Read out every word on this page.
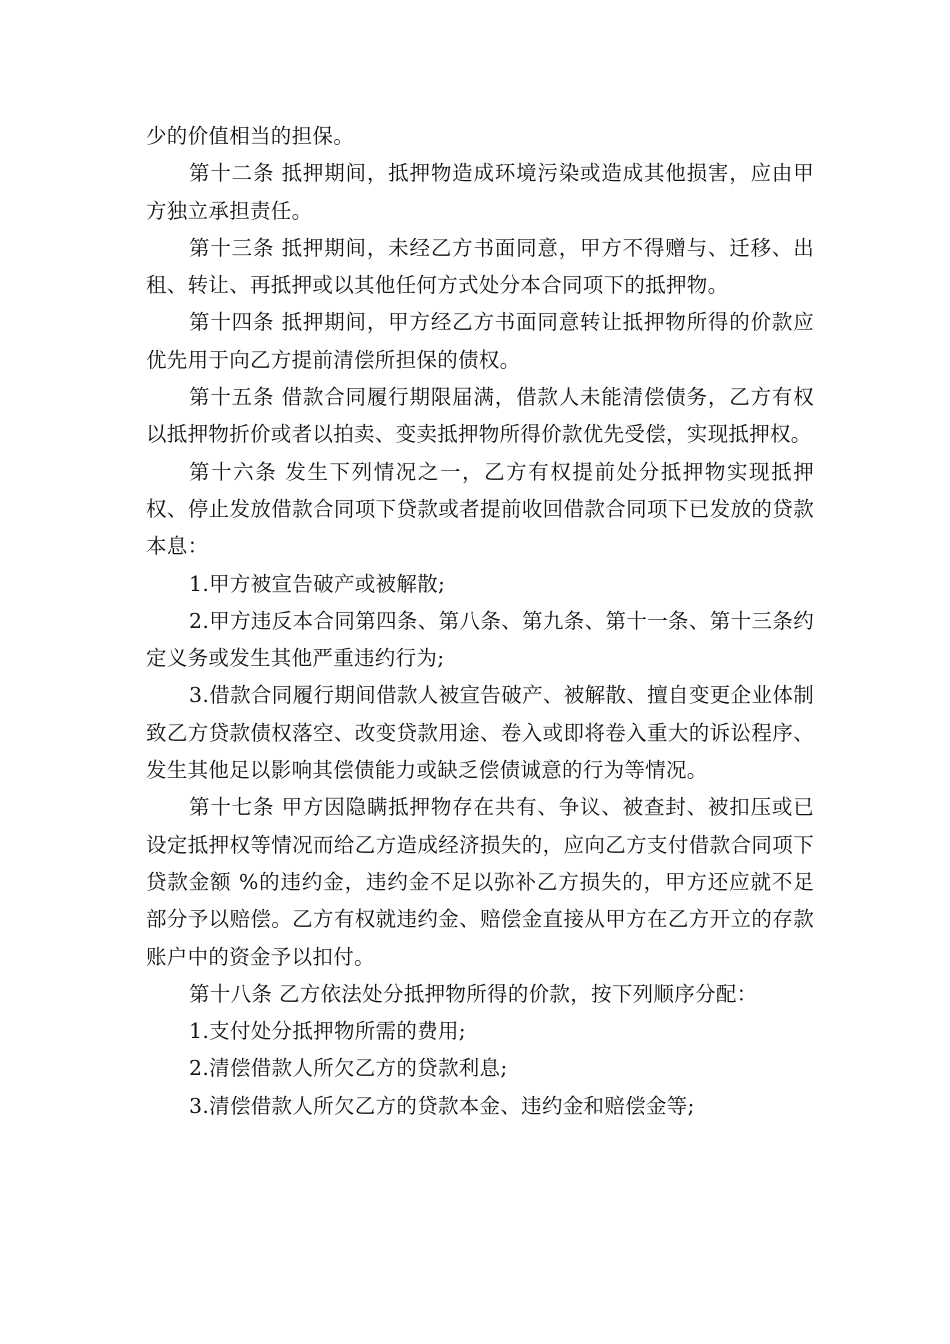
少的价值相当的担保。

第十二条 抵押期间，抵押物造成环境污染或造成其他损害，应由甲方独立承担责任。

第十三条 抵押期间，未经乙方书面同意，甲方不得赠与、迁移、出租、转让、再抵押或以其他任何方式处分本合同项下的抵押物。

第十四条 抵押期间，甲方经乙方书面同意转让抵押物所得的价款应优先用于向乙方提前清偿所担保的债权。

第十五条 借款合同履行期限届满，借款人未能清偿债务，乙方有权以抵押物折价或者以拍卖、变卖抵押物所得价款优先受偿，实现抵押权。

第十六条 发生下列情况之一，乙方有权提前处分抵押物实现抵押权、停止发放借款合同项下贷款或者提前收回借款合同项下已发放的贷款本息：

1.甲方被宣告破产或被解散;

2.甲方违反本合同第四条、第八条、第九条、第十一条、第十三条约定义务或发生其他严重违约行为;

3.借款合同履行期间借款人被宣告破产、被解散、擅自变更企业体制致乙方贷款债权落空、改变贷款用途、卷入或即将卷入重大的诉讼程序、发生其他足以影响其偿债能力或缺乏偿债诚意的行为等情况。

第十七条 甲方因隐瞒抵押物存在共有、争议、被查封、被扣压或已设定抵押权等情况而给乙方造成经济损失的，应向乙方支付借款合同项下贷款金额 %的违约金，违约金不足以弥补乙方损失的，甲方还应就不足部分予以赔偿。乙方有权就违约金、赔偿金直接从甲方在乙方开立的存款账户中的资金予以扣付。

第十八条 乙方依法处分抵押物所得的价款，按下列顺序分配：

1.支付处分抵押物所需的费用;

2.清偿借款人所欠乙方的贷款利息;

3.清偿借款人所欠乙方的贷款本金、违约金和赔偿金等;
